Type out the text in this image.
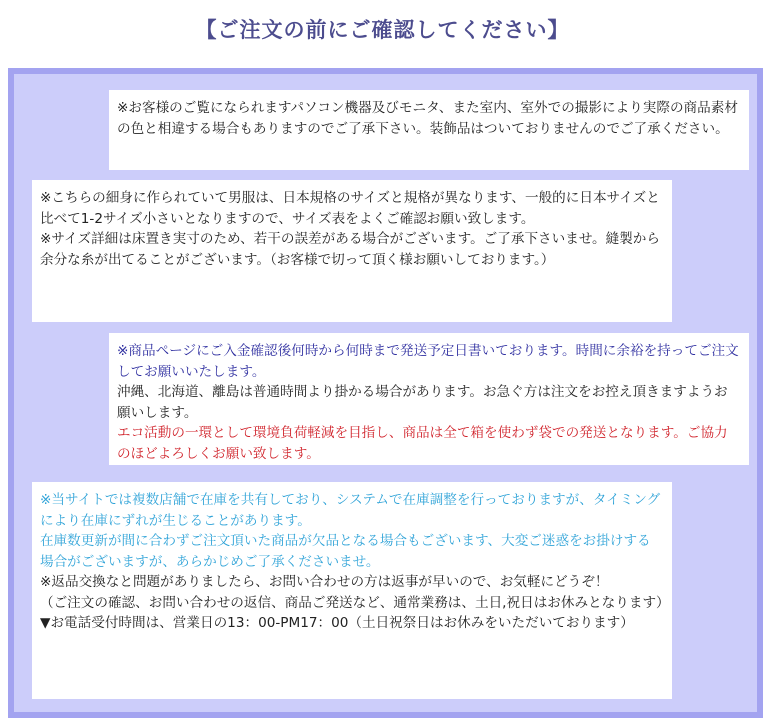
【ご注文の前にご確認してください】

※お客様のご覧になられますパソコン機器及びモニタ、また室内、室外での撮影により実際の商品素材の色と相違する場合もありますのでご了承下さい。装飾品はついておりませんのでご了承ください。

※こちらの細身に作られていて男服は、日本規格のサイズと規格が異なります、一般的に日本サイズと比べて1-2サイズ小さいとなりますので、サイズ表をよくご確認お願い致します。

※サイズ詳細は床置き実寸のため、若干の誤差がある場合がございます。ご了承下さいませ。縫製から余分な糸が出てることがございます。（お客様で切って頂く様お願いしております。）

※商品ページにご入金確認後何時から何時まで発送予定日書いております。時間に余裕を持ってご注文してお願いいたします。

沖縄、北海道、離島は普通時間より掛かる場合があります。お急ぐ方は注文をお控え頂きますようお願いします。

エコ活動の一環として環境負荷軽減を目指し、商品は全て箱を使わず袋での発送となります。ご協力のほどよろしくお願い致します。

※当サイトでは複数店舗で在庫を共有しており、システムで在庫調整を行っておりますが、タイミングにより在庫にずれが生じることがあります。

在庫数更新が間に合わずご注文頂いた商品が欠品となる場合もございます、大変ご迷惑をお掛けする場合がございますが、あらかじめご了承くださいませ。

※返品交換なと問題がありましたら、お問い合わせの方は返事が早いので、お気軽にどうぞ！

（ご注文の確認、お問い合わせの返信、商品ご発送など、通常業務は、土日,祝日はお休みとなります）

▼お電話受付時間は、営業日の13：00-PM17：00（土日祝祭日はお休みをいただいております）
